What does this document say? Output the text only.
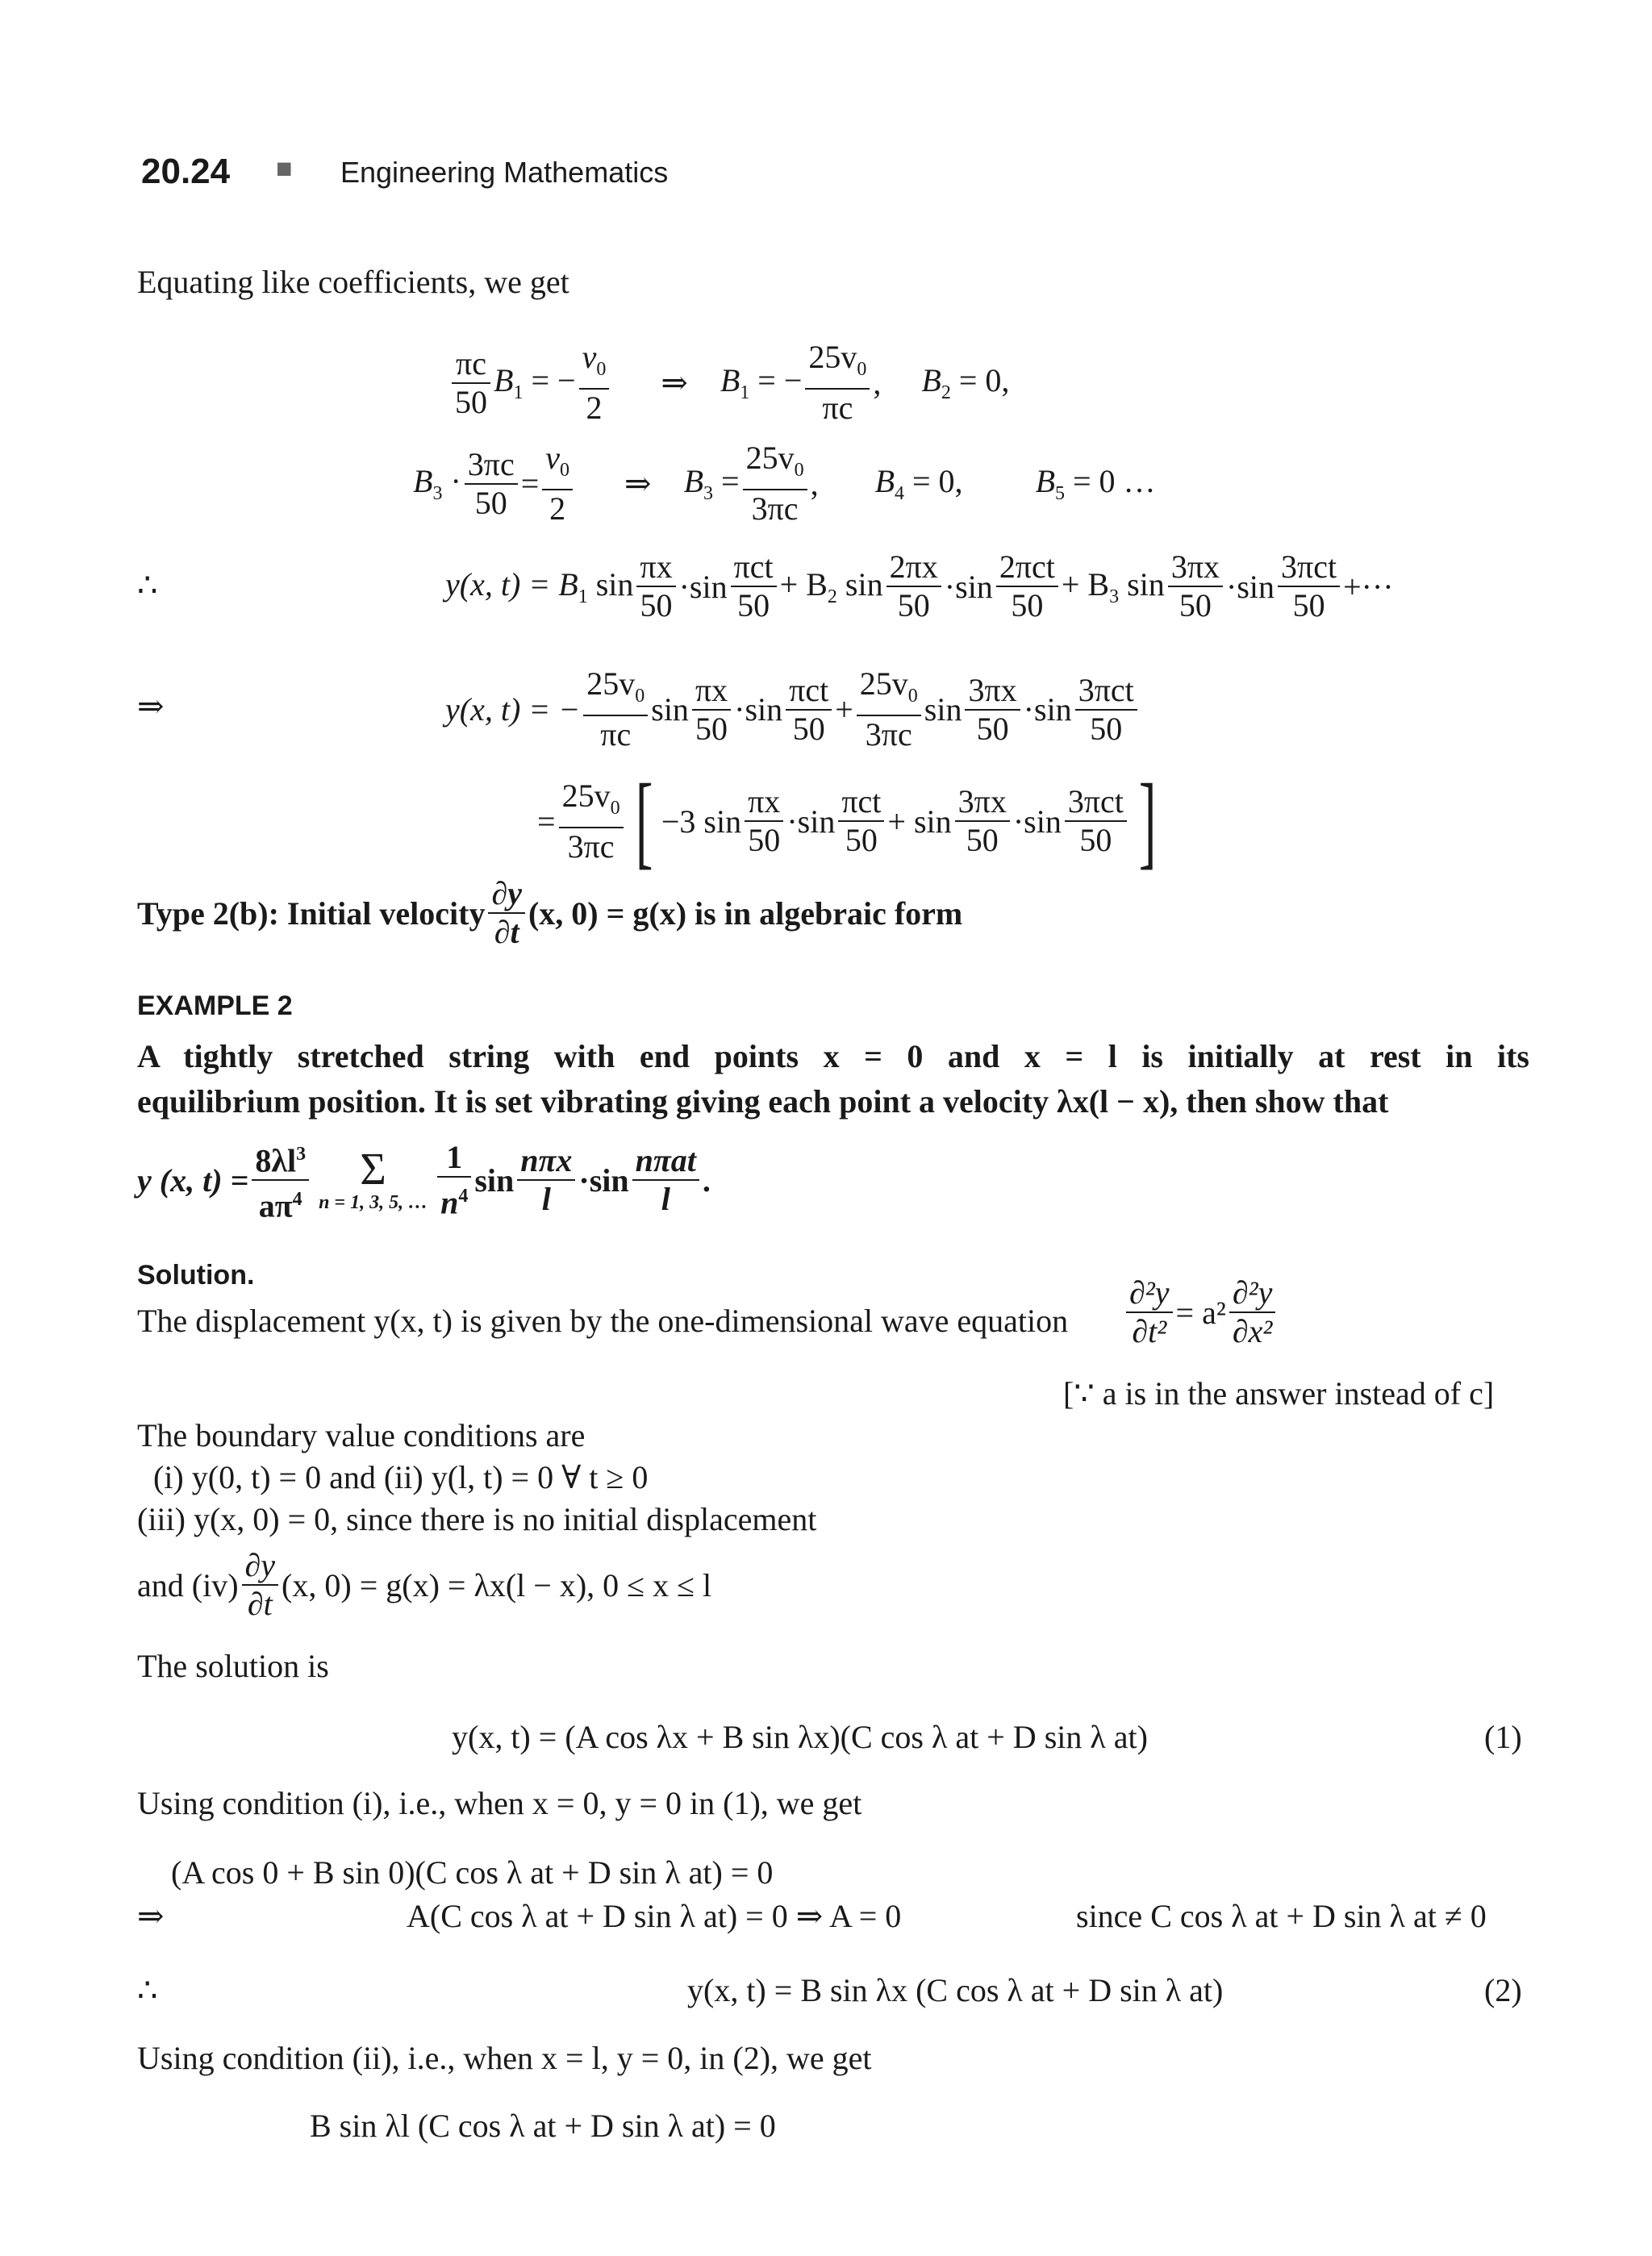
20.24 ■ Engineering Mathematics
Equating like coefficients, we get
$\frac{\pi c}{50} B_1$ = − $\frac{v_0}{2}$ ⇒ $B_1$ = − $\frac{25v_0}{\pi c}$ , $B_2 = 0$,
$B_3 \cdot \frac{3\pi c}{50} = \frac{v_0}{2}$ ⇒ $B_3 = \frac{25v_0}{3\pi c}$ , $B_4 = 0$, $B_5 = 0$ …
∴	y(x, $t) = B_1$ $\sin \frac{\pi x}{50} \cdot\sin \frac{\text{πct}}{50} + B_2$ $\sin \frac{2\pi x}{50} \cdot\sin \frac{\text{2πct}}{50} + B_3$ $\sin \frac{3\pi x}{50} \cdot\sin \frac{\text{3πct}}{50}$ +···
⇒	y(x, t) = − $\frac{25v_0}{\pi c}$ $\sin \frac{\pi x}{50} \cdot\sin \frac{\text{πct}}{50} + \frac{25v_0}{3\pi c}$ $\sin \frac{3\pi x}{50} \cdot\sin \frac{\text{3πct}}{50}$
= $\frac{25v_0}{3\pi c}$ [ −3 $\sin \frac{\pi x}{50} \cdot\sin \frac{\text{πct}}{50} + \sin \frac{3\pi x}{50} \cdot\sin \frac{\text{3πct}}{50}$ ]
Type 2(b): Initial velocity $\frac{\partial y}{\partial t} (x$, 0) = g(x) is in algebraic form
EXAMPLE 2
A tightly stretched string with end points x = 0 and x = l is initially at rest in its
equilibrium position. It is set vibrating giving each point a velocity λx(l − x), then show that
y (x, $t) = \frac{8\lambda l^3}{a\pi^4}$	Σ
n = 1, 3, 5, … $\frac{1}{n^4}$ $\sin \frac{\text{nπx}}{l} \cdot\sin \frac{\text{nπat}}{l}$ .
Solution.
The displacement y(x, t) is given by the one-dimensional wave equation $\frac{\text{∂²y}}{\text{∂t²}} = a^2 \frac{\text{∂²y}}{\text{∂x²}}$
[∵ a is in the answer instead of c]
The boundary value conditions are
(i) y(0, t) = 0 and (ii) y(l, t) = 0 ∀ t ≥ 0
(iii) y(x, 0) = 0, since there is no initial displacement
and $(iv) \frac{\partial y}{\partial t} (x$, 0) = g(x) = λx(l − x), 0 ≤ x ≤ l
The solution is
y(x, t) = (A cos λx + B sin λx)(C cos λ at + D sin λ at)	(1)
Using condition (i), i.e., when x = 0, y = 0 in (1), we get
(A cos 0 + B sin 0)(C cos λ at + D sin λ at) = 0
⇒	A(C cos λ at + D sin λ at) = 0 ⇒ A = 0	since C cos λ at + D sin λ at ≠ 0
∴	y(x, t) = B sin λx (C cos λ at + D sin λ at)	(2)
Using condition (ii), i.e., when x = l, y = 0, in (2), we get
B sin λl (C cos λ at + D sin λ at) = 0
